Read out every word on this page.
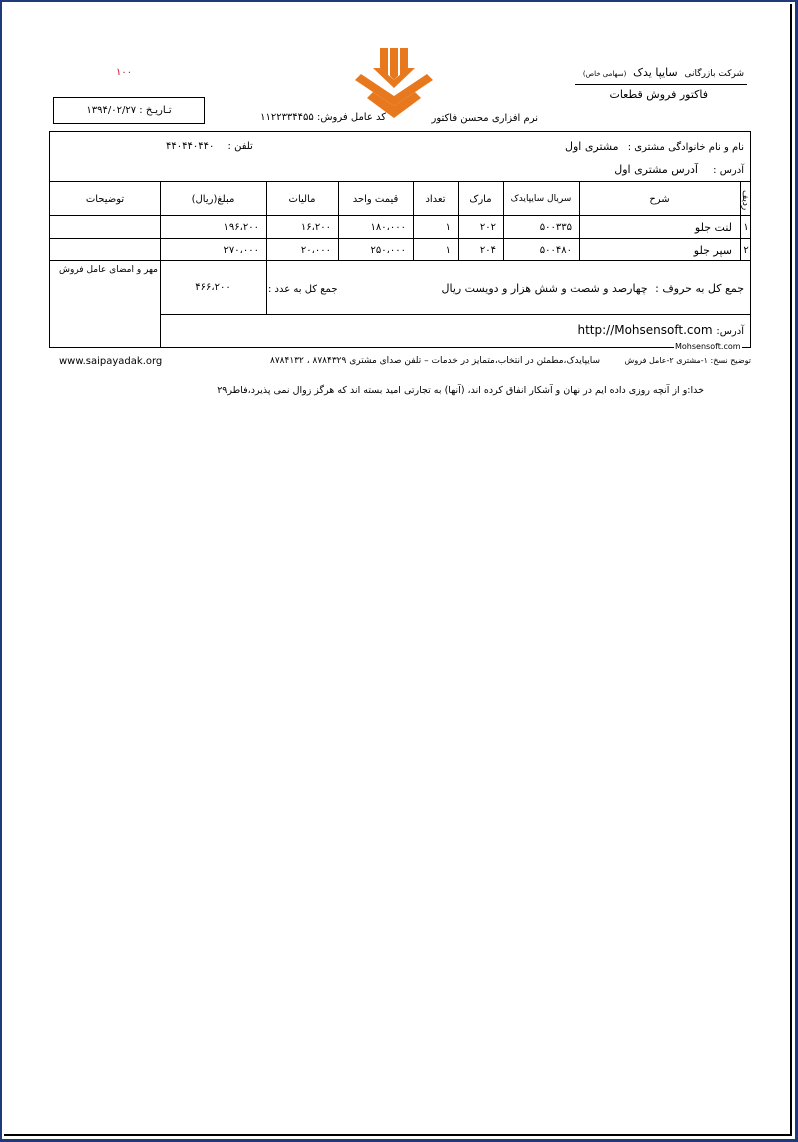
شرکت بازرگانی سایپا یدک (سهامی خاص)
فاکتور فروش قطعات
نرم افزاری محسن فاکتور
کد عامل فروش: ۱۱۲۲۳۳۴۴۵۵
۱۰۰
تـاریـخ : ۱۳۹۴/۰۲/۲۷
نام و نام خانوادگی مشتری : مشتری اول
تلفن : ۴۴۰۴۴۰۴۴۰
آدرس : آدرس مشتری اول
ردیف
شرح
سریال سایپایدک
مارک
تعداد
قیمت واحد
مالیات
مبلغ(ریال)
توضیحات
۱
لنت جلو
۵۰۰۳۳۵
۲۰۲
۱
۱۸۰،۰۰۰
۱۶،۲۰۰
۱۹۶،۲۰۰
۲
سپر جلو
۵۰۰۴۸۰
۲۰۴
۱
۲۵۰،۰۰۰
۲۰،۰۰۰
۲۷۰،۰۰۰
جمع کل به حروف : چهارصد و شصت و شش هزار و دویست ریال
جمع کل به عدد :
۴۶۶،۲۰۰
مهر و امضای عامل فروش
آدرس: http://Mohsensoft.com
Mohsensoft.com
توضیح نسخ: ۱-مشتری ۲-عامل فروش
سایپایدک،مطمئن در انتخاب،متمایز در خدمات – تلفن صدای مشتری ۸۷۸۴۳۲۹ ، ۸۷۸۴۱۳۲
www.saipayadak.org
خدا:و از آنچه روزی داده ایم در نهان و آشکار انفاق کرده اند، (آنها) به تجارتی امید بسته اند که هرگز زوال نمی پذیرد،فاطر۲۹
